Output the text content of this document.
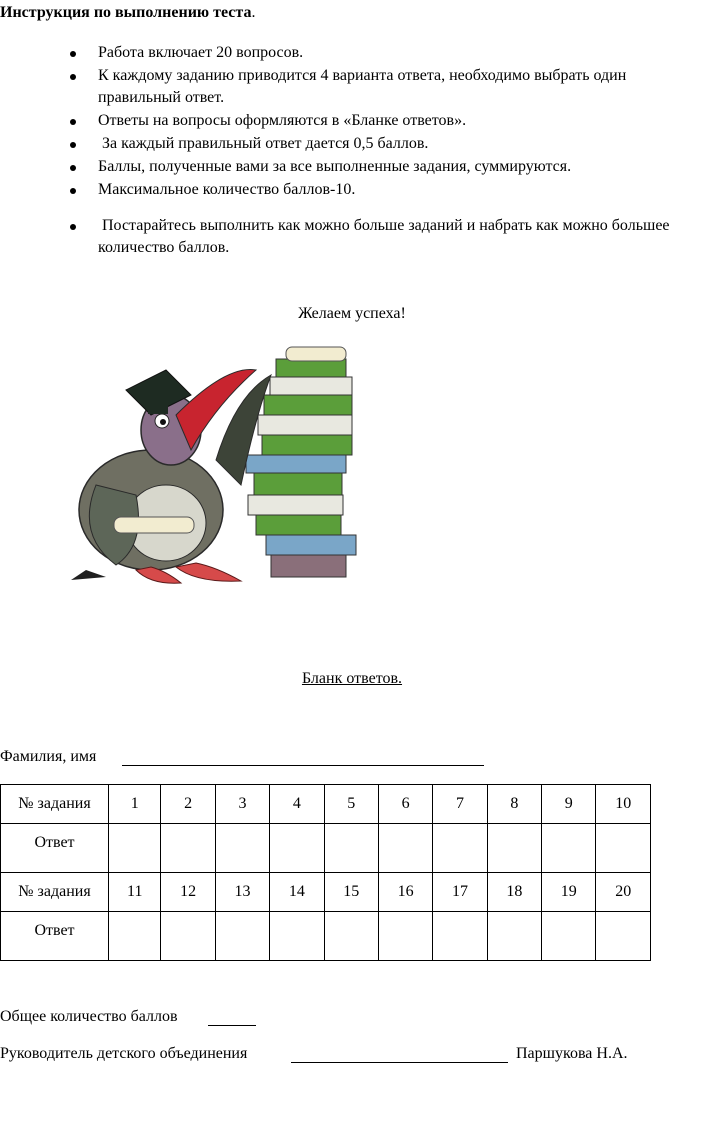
Инструкция по выполнению теста.
Работа включает 20 вопросов.
К каждому заданию приводится 4 варианта ответа, необходимо выбрать один правильный ответ.
Ответы на вопросы оформляются в «Бланке ответов».
За каждый правильный ответ дается 0,5 баллов.
Баллы, полученные вами за все выполненные задания, суммируются.
Максимальное количество баллов-10.
Постарайтесь выполнить как можно больше заданий и набрать как можно большее количество баллов.
Желаем успеха!
Бланк ответов.
Фамилия, имя
№ задания	1	2	3	4	5	6	7	8	9	10
Ответ										
№ задания	11	12	13	14	15	16	17	18	19	20
Ответ										
Общее количество баллов
Руководитель детского объединения	Паршукова Н.А.
